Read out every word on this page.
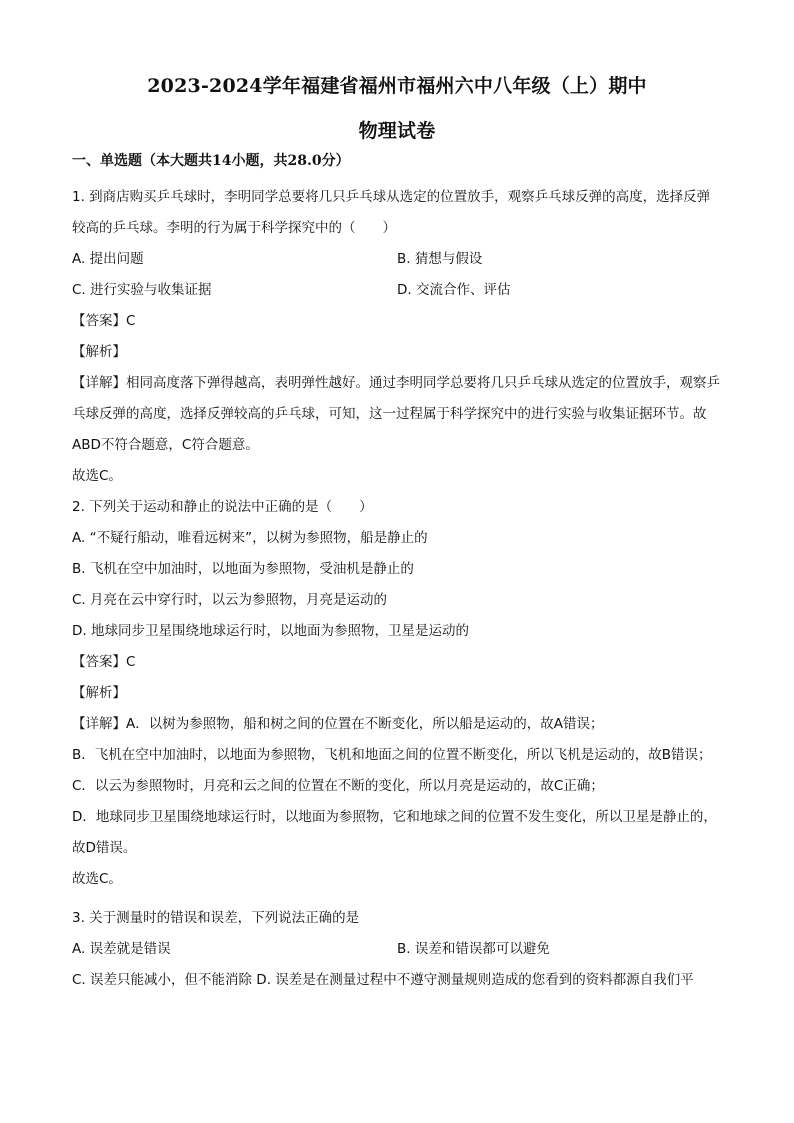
2023-2024学年福建省福州市福州六中八年级（上）期中
物理试卷
一、单选题（本大题共14小题，共28.0分）
1. 到商店购买乒乓球时，李明同学总要将几只乒乓球从选定的位置放手，观察乒乓球反弹的高度，选择反弹较高的乒乓球。李明的行为属于科学探究中的（　　）
A. 提出问题	B. 猜想与假设
C. 进行实验与收集证据	D. 交流合作、评估
【答案】C
【解析】
【详解】相同高度落下弹得越高，表明弹性越好。通过李明同学总要将几只乒乓球从选定的位置放手，观察乒乓球反弹的高度，选择反弹较高的乒乓球，可知，这一过程属于科学探究中的进行实验与收集证据环节。故ABD不符合题意，C符合题意。
故选C。
2. 下列关于运动和静止的说法中正确的是（　　）
A. “不疑行船动，唯看远树来”，以树为参照物，船是静止的
B. 飞机在空中加油时，以地面为参照物，受油机是静止的
C. 月亮在云中穿行时，以云为参照物，月亮是运动的
D. 地球同步卫星围绕地球运行时，以地面为参照物，卫星是运动的
【答案】C
【解析】
【详解】A．以树为参照物，船和树之间的位置在不断变化，所以船是运动的，故A错误；
B．飞机在空中加油时，以地面为参照物，飞机和地面之间的位置不断变化，所以飞机是运动的，故B错误；
C．以云为参照物时，月亮和云之间的位置在不断的变化，所以月亮是运动的，故C正确；
D．地球同步卫星围绕地球运行时，以地面为参照物，它和地球之间的位置不发生变化，所以卫星是静止的，故D错误。
故选C。
3. 关于测量时的错误和误差，下列说法正确的是
A. 误差就是错误	B. 误差和错误都可以避免
C. 误差只能减小，但不能消除 D. 误差是在测量过程中不遵守测量规则造成的您看到的资料都源自我们平
